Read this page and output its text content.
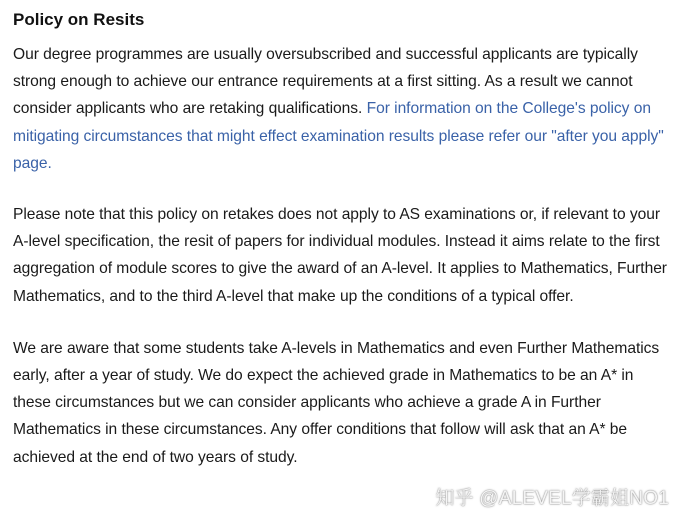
Policy on Resits

Our degree programmes are usually oversubscribed and successful applicants are typically strong enough to achieve our entrance requirements at a first sitting. As a result we cannot consider applicants who are retaking qualifications. For information on the College's policy on mitigating circumstances that might effect examination results please refer our "after you apply" page.

Please note that this policy on retakes does not apply to AS examinations or, if relevant to your A-level specification, the resit of papers for individual modules. Instead it aims relate to the first aggregation of module scores to give the award of an A-level. It applies to Mathematics, Further Mathematics, and to the third A-level that make up the conditions of a typical offer.

We are aware that some students take A-levels in Mathematics and even Further Mathematics early, after a year of study. We do expect the achieved grade in Mathematics to be an A* in these circumstances but we can consider applicants who achieve a grade A in Further Mathematics in these circumstances. Any offer conditions that follow will ask that an A* be achieved at the end of two years of study.

知乎 @ALEVEL学霸姐NO1
